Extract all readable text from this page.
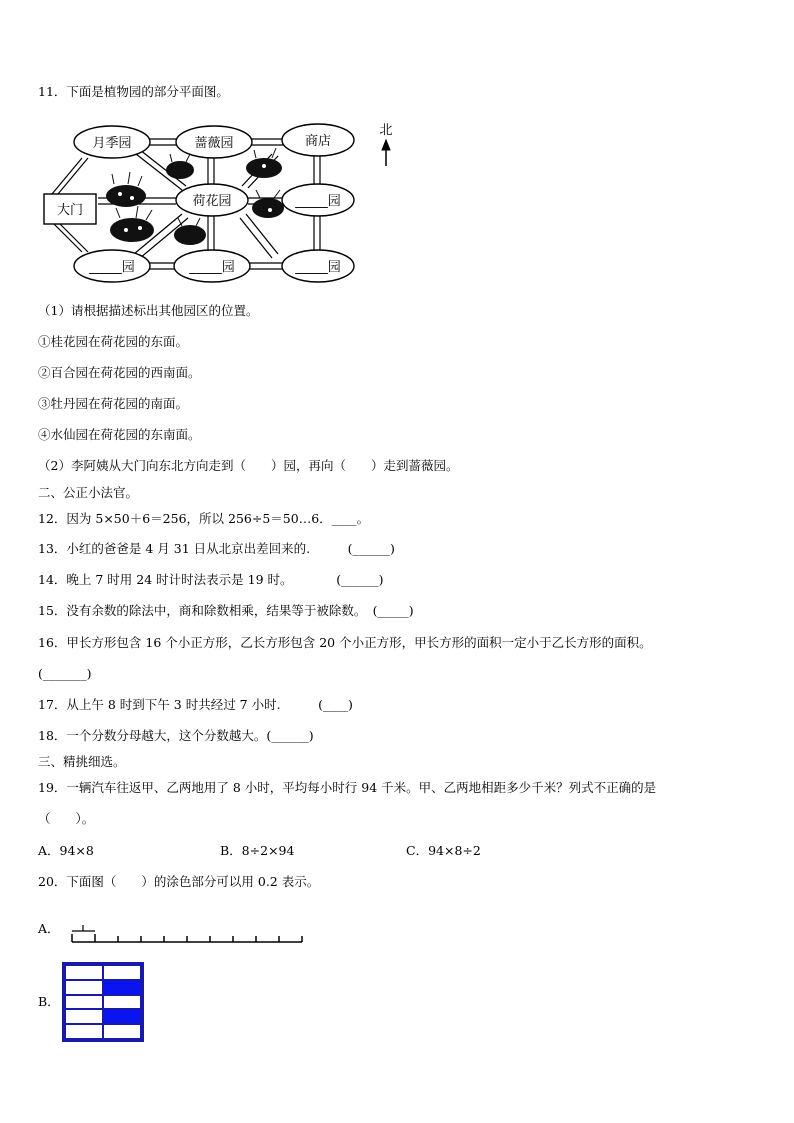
11．下面是植物园的部分平面图。
月季园	蔷薇园	商店
大门
荷花园	_____园
_____园	_____园	_____园
北
（1）请根据描述标出其他园区的位置。
①桂花园在荷花园的东面。
②百合园在荷花园的西南面。
③牡丹园在荷花园的南面。
④水仙园在荷花园的东南面。
（2）李阿姨从大门向东北方向走到（　　）园，再向（　　）走到蔷薇园。
二、公正小法官。
12．因为 5×50＋6＝256，所以 256÷5＝50…6．____。
13．小红的爸爸是 4 月 31 日从北京出差回来的.　　　(______)
14．晚上 7 时用 24 时计时法表示是 19 时。　　　　(______)
15．没有余数的除法中，商和除数相乘，结果等于被除数。　(_____)
16．甲长方形包含 16 个小正方形，乙长方形包含 20 个小正方形，甲长方形的面积一定小于乙长方形的面积。
(_______)
17．从上午 8 时到下午 3 时共经过 7 小时.　　　(____)
18．一个分数分母越大，这个分数越大。(______)
三、精挑细选。
19．一辆汽车往返甲、乙两地用了 8 小时，平均每小时行 94 千米。甲、乙两地相距多少千米？列式不正确的是
（　　）。
A．94×8	B．8÷2×94	C．94×8÷2
20．下面图（　　）的涂色部分可以用 0.2 表示。
A．
B．
